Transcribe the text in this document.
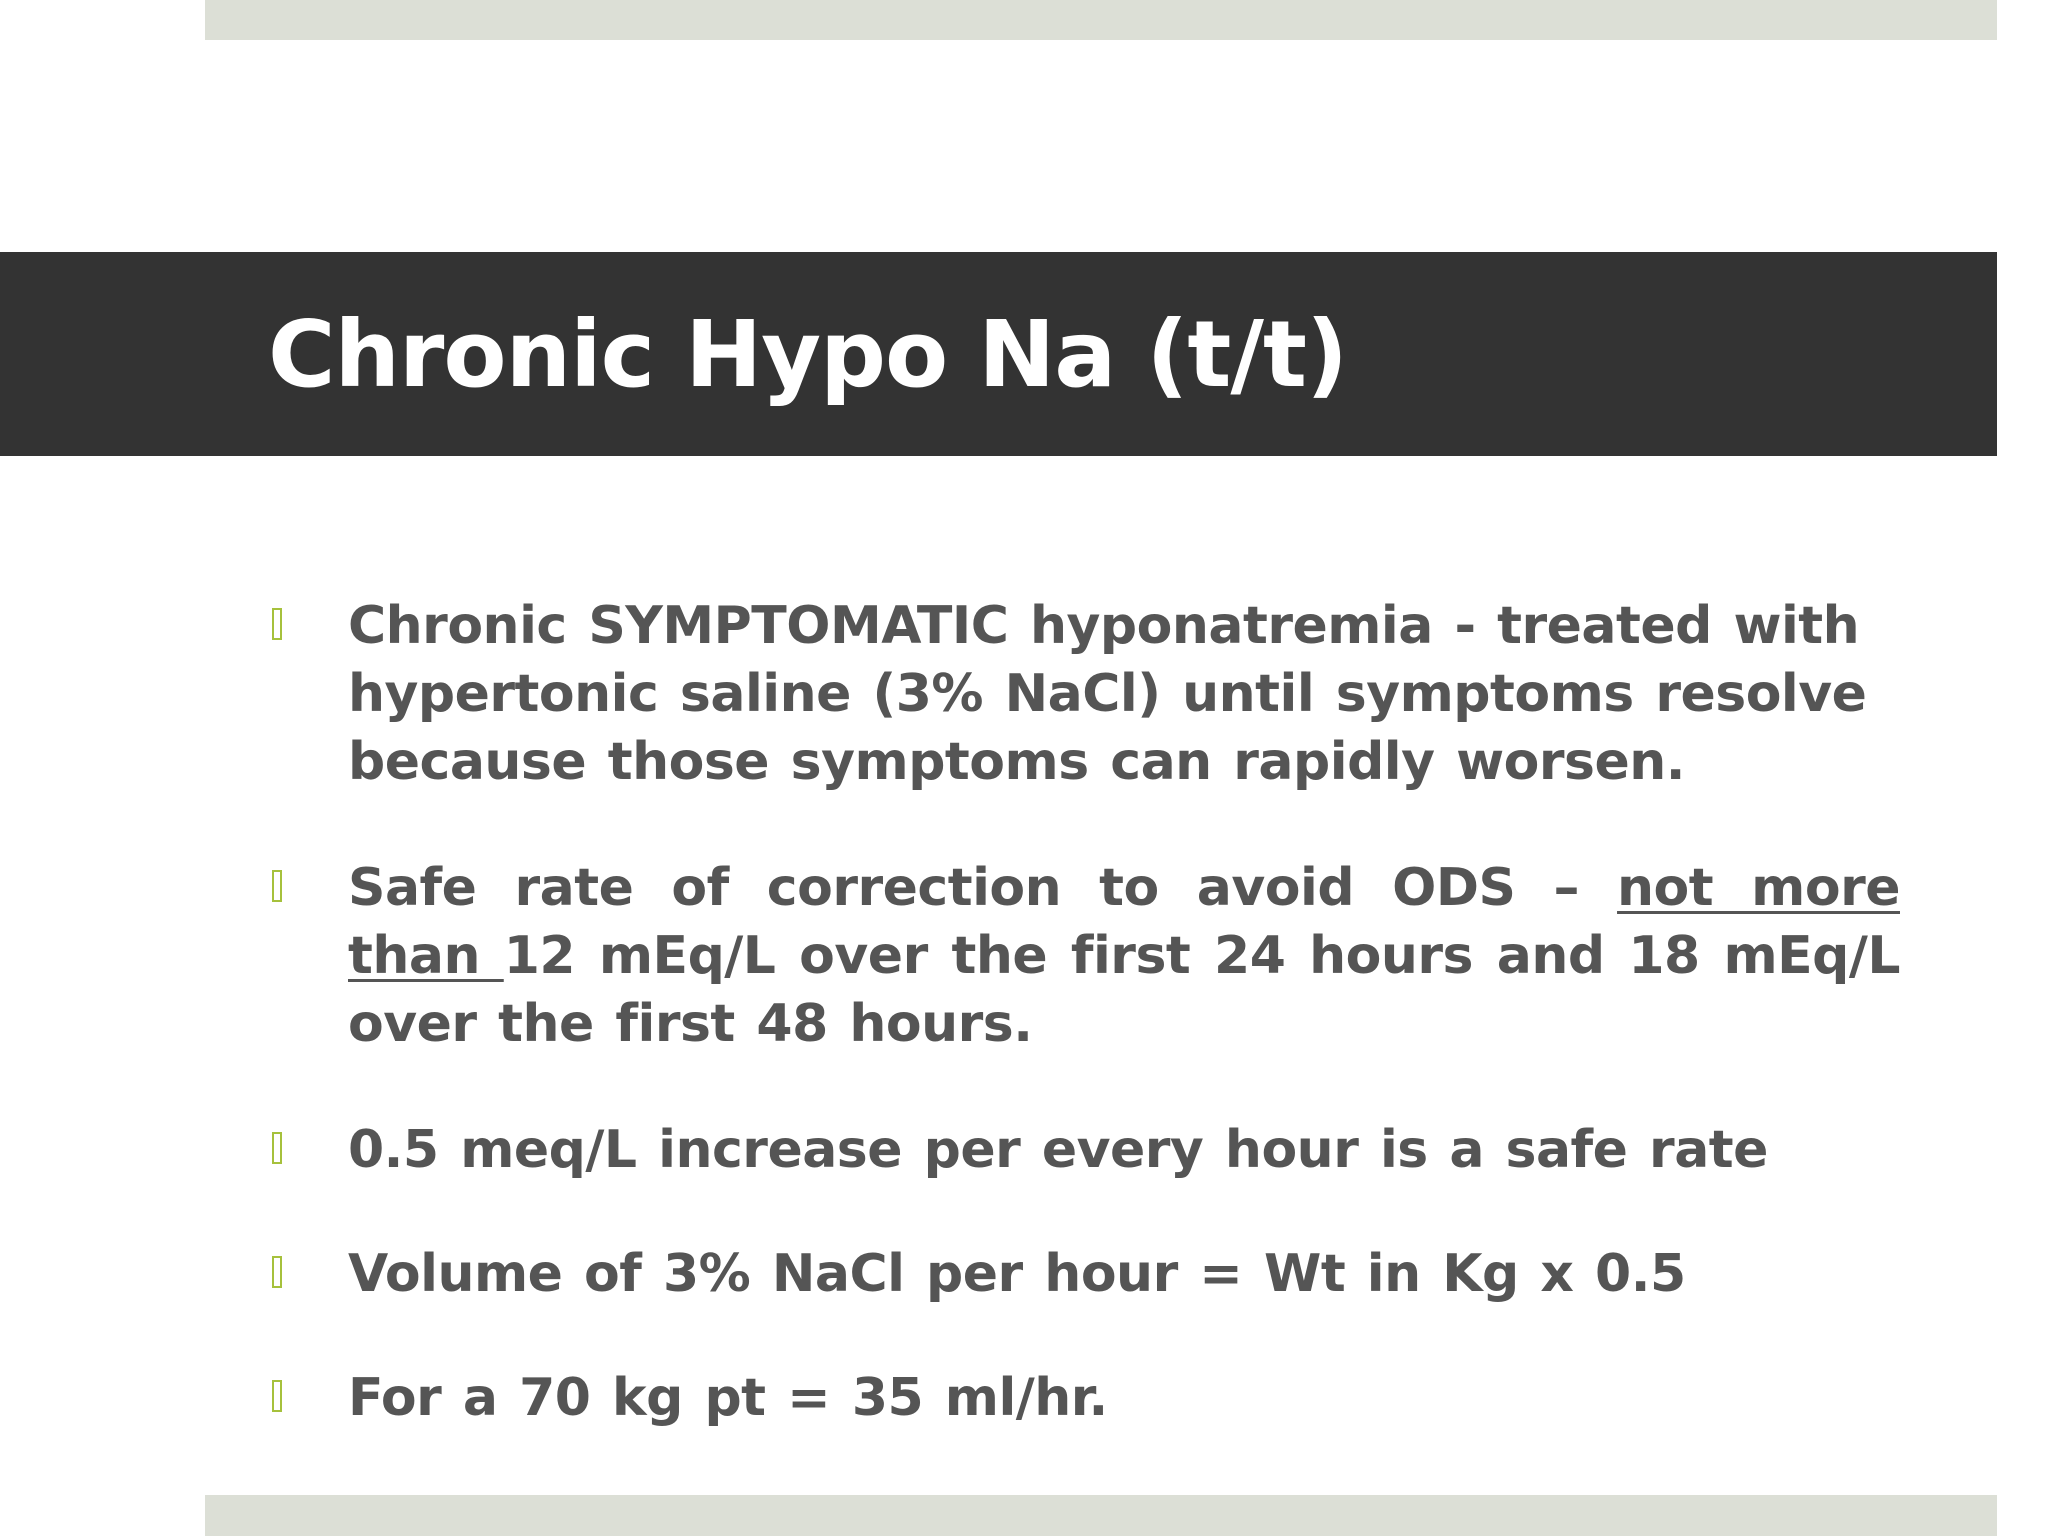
Chronic Hypo Na (t/t)
Chronic SYMPTOMATIC hyponatremia - treated with hypertonic saline (3% NaCl) until symptoms resolve because those symptoms can rapidly worsen.
Safe rate of correction to avoid ODS – not more than 12 mEq/L over the first 24 hours and 18 mEq/L over the first 48 hours.
0.5 meq/L increase per every hour is a safe rate
Volume of 3% NaCl per hour = Wt in Kg x 0.5
For a 70 kg pt = 35 ml/hr.
